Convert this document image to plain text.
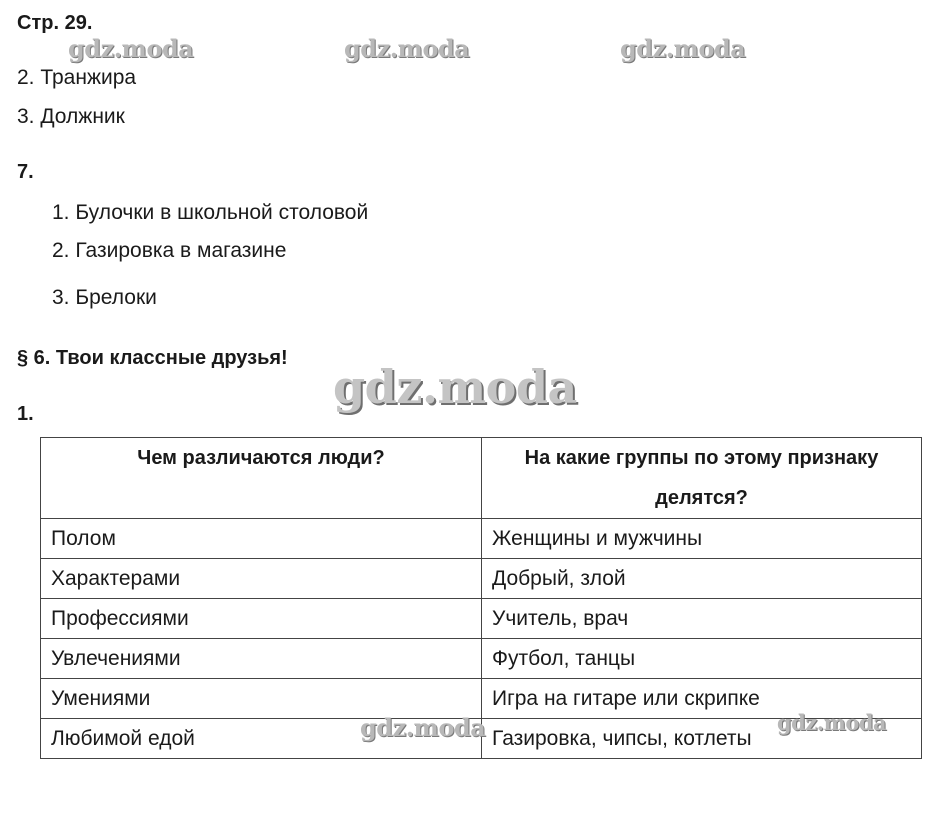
Стр. 29.
2. Транжира
3. Должник
7.
1. Булочки в школьной столовой
2. Газировка в магазине
3. Брелоки
§ 6. Твои классные друзья!
1.
Чем различаются люди?	На какие группы по этому признаку делятся?
Полом	Женщины и мужчины
Характерами	Добрый, злой
Профессиями	Учитель, врач
Увлечениями	Футбол, танцы
Умениями	Игра на гитаре или скрипке
Любимой едой	Газировка, чипсы, котлеты
gdz.moda	gdz.moda	gdz.moda
gdz.moda
gdz.moda	gdz.moda
